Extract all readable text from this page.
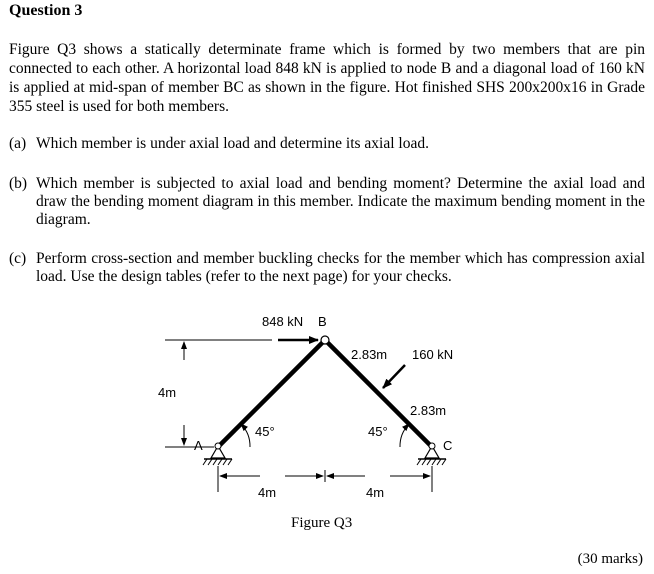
Question 3
Figure Q3 shows a statically determinate frame which is formed by two members that are pin connected to each other. A horizontal load 848 kN is applied to node B and a diagonal load of 160 kN is applied at mid-span of member BC as shown in the figure. Hot finished SHS 200x200x16 in Grade 355 steel is used for both members.
(a) Which member is under axial load and determine its axial load.
(b) Which member is subjected to axial load and bending moment? Determine the axial load and draw the bending moment diagram in this member. Indicate the maximum bending moment in the diagram.
(c) Perform cross-section and member buckling checks for the member which has compression axial load. Use the design tables (refer to the next page) for your checks.
848 kN B
160 kN
2.83m
2.83m
4m
A	C
45°	45°
4m	4m
Figure Q3
(30 marks)
